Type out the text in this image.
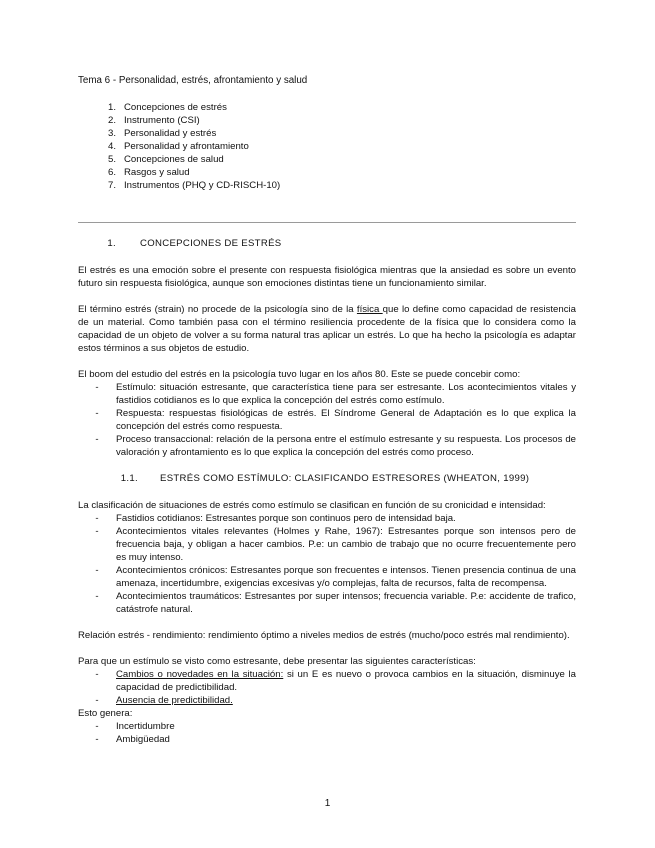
Tema 6 - Personalidad, estrés, afrontamiento y salud
1. Concepciones de estrés
2. Instrumento (CSI)
3. Personalidad y estrés
4. Personalidad y afrontamiento
5. Concepciones de salud
6. Rasgos y salud
7. Instrumentos (PHQ y CD-RISCH-10)
1.	CONCEPCIONES DE ESTRÉS

El estrés es una emoción sobre el presente con respuesta fisiológica mientras que la ansiedad es sobre un evento futuro sin respuesta fisiológica, aunque son emociones distintas tiene un funcionamiento similar.

El término estrés (strain) no procede de la psicología sino de la física que lo define como capacidad de resistencia de un material. Como también pasa con el término resiliencia procedente de la física que lo considera como la capacidad de un objeto de volver a su forma natural tras aplicar un estrés. Lo que ha hecho la psicología es adaptar estos términos a sus objetos de estudio.

El boom del estudio del estrés en la psicología tuvo lugar en los años 80. Este se puede concebir como:

-	Estímulo: situación estresante, que característica tiene para ser estresante. Los acontecimientos vitales y fastidios cotidianos es lo que explica la concepción del estrés como estímulo.
-	Respuesta: respuestas fisiológicas de estrés. El Síndrome General de Adaptación es lo que explica la concepción del estrés como respuesta.
-	Proceso transaccional: relación de la persona entre el estímulo estresante y su respuesta. Los procesos de valoración y afrontamiento es lo que explica la concepción del estrés como proceso.
1.1.	ESTRÉS COMO ESTÍMULO: CLASIFICANDO ESTRESORES (WHEATON, 1999)

La clasificación de situaciones de estrés como estímulo se clasifican en función de su cronicidad e intensidad:

-	Fastidios cotidianos: Estresantes porque son continuos pero de intensidad baja.
-	Acontecimientos vitales relevantes (Holmes y Rahe, 1967): Estresantes porque son intensos pero de frecuencia baja, y obligan a hacer cambios. P.e: un cambio de trabajo que no ocurre frecuentemente pero es muy intenso.
-	Acontecimientos crónicos: Estresantes porque son frecuentes e intensos. Tienen presencia continua de una amenaza, incertidumbre, exigencias excesivas y/o complejas, falta de recursos, falta de recompensa.
-	Acontecimientos traumáticos: Estresantes por super intensos; frecuencia variable. P.e: accidente de trafico, catástrofe natural.

Relación estrés - rendimiento: rendimiento óptimo a niveles medios de estrés (mucho/poco estrés mal rendimiento).

Para que un estímulo se visto como estresante, debe presentar las siguientes características:

-	Cambios o novedades en la situación: si un E es nuevo o provoca cambios en la situación, disminuye la capacidad de predictibilidad.
-	Ausencia de predictibilidad.

Esto genera:

-	Incertidumbre
-	Ambigüedad
1
